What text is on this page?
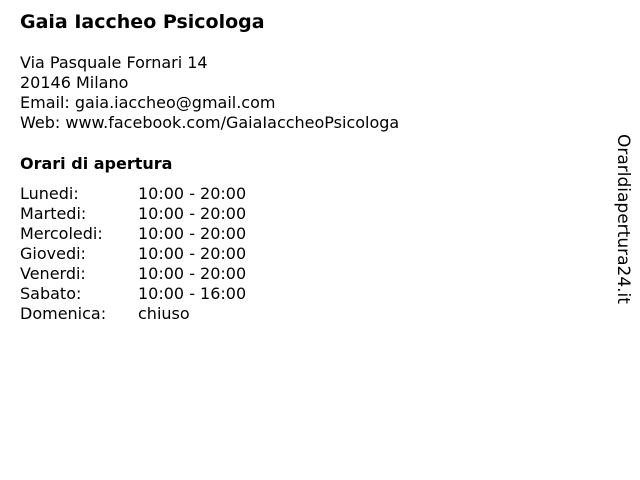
Gaia Iaccheo Psicologa
Via Pasquale Fornari 14
20146 Milano
Email: gaia.iaccheo@gmail.com
Web: www.facebook.com/GaiaIaccheoPsicologa
Orari di apertura
Lunedi:	10:00 - 20:00
Martedi:	10:00 - 20:00
Mercoledi:	10:00 - 20:00
Giovedi:	10:00 - 20:00
Venerdi:	10:00 - 20:00
Sabato:	10:00 - 16:00
Domenica:	chiuso
Orarldiapertura24.it
